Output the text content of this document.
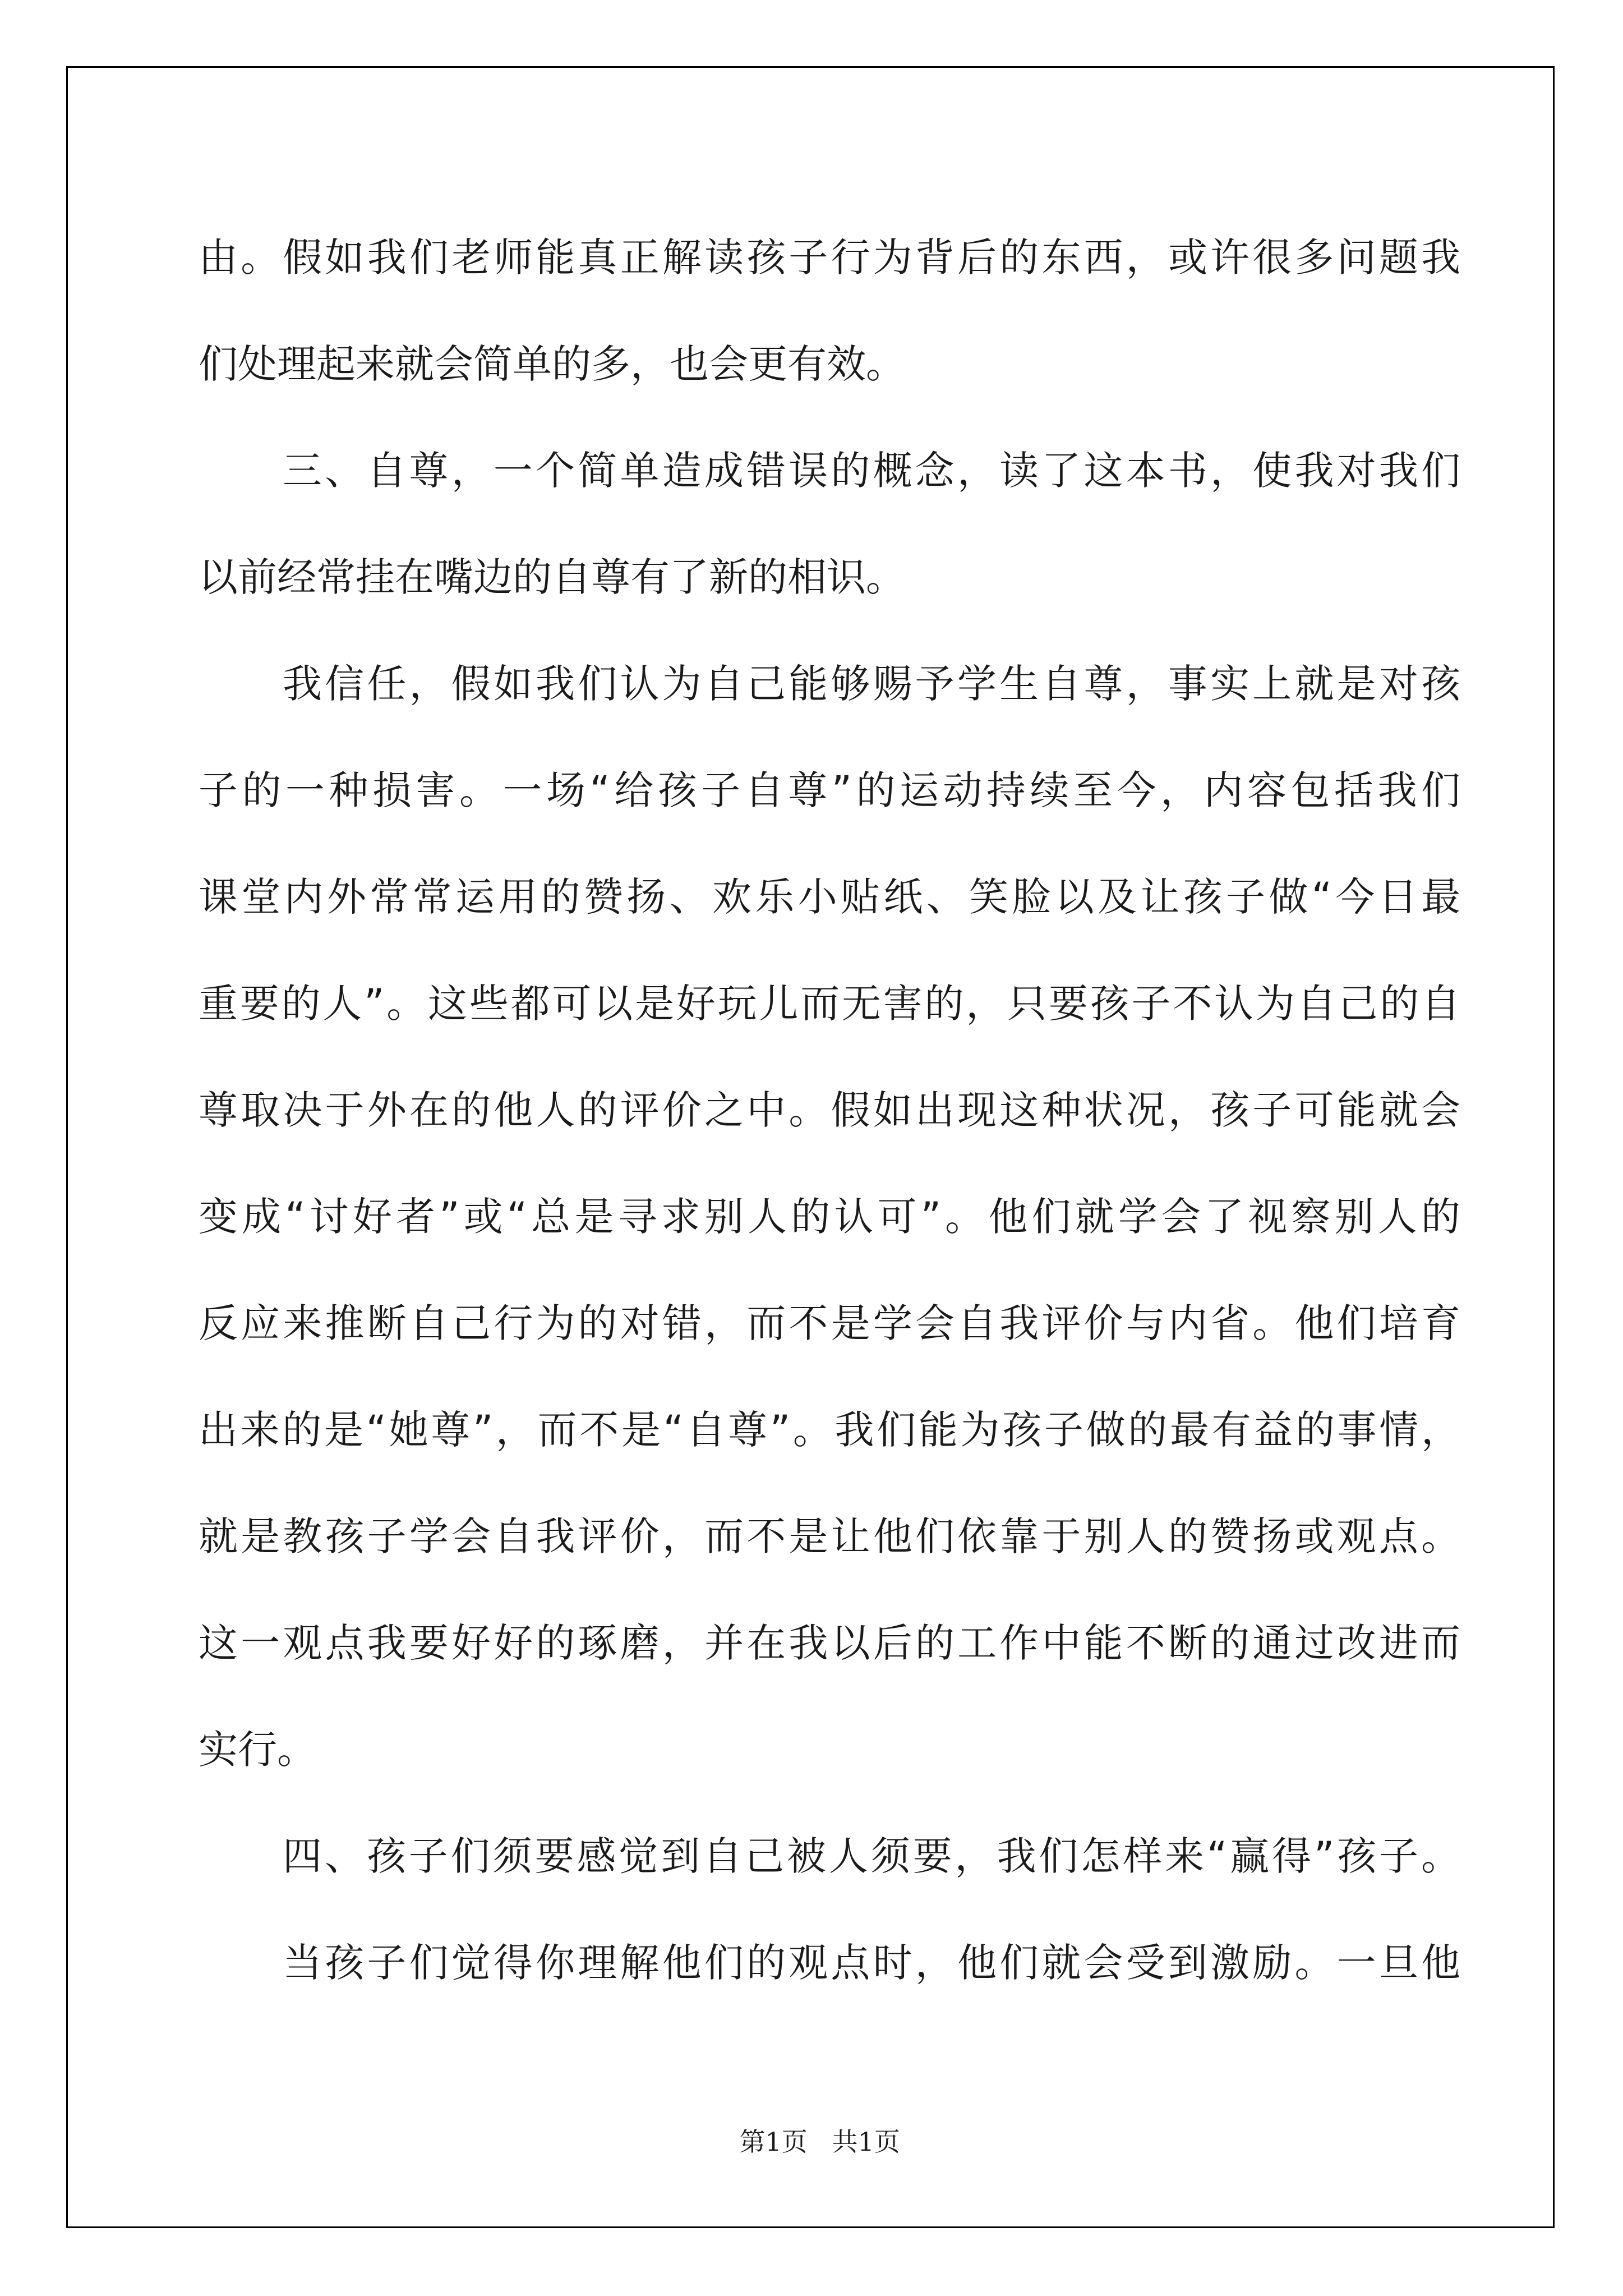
由。假如我们老师能真正解读孩子行为背后的东西，或许很多问题我
们处理起来就会简单的多，也会更有效。
三、自尊，一个简单造成错误的概念，读了这本书，使我对我们
以前经常挂在嘴边的自尊有了新的相识。
我信任，假如我们认为自己能够赐予学生自尊，事实上就是对孩
子的一种损害。一场“给孩子自尊”的运动持续至今，内容包括我们
课堂内外常常运用的赞扬、欢乐小贴纸、笑脸以及让孩子做“今日最
重要的人”。这些都可以是好玩儿而无害的，只要孩子不认为自己的自
尊取决于外在的他人的评价之中。假如出现这种状况，孩子可能就会
变成“讨好者”或“总是寻求别人的认可”。他们就学会了视察别人的
反应来推断自己行为的对错，而不是学会自我评价与内省。他们培育
出来的是“她尊”，而不是“自尊”。我们能为孩子做的最有益的事情，
就是教孩子学会自我评价，而不是让他们依靠于别人的赞扬或观点。
这一观点我要好好的琢磨，并在我以后的工作中能不断的通过改进而
实行。
四、孩子们须要感觉到自己被人须要，我们怎样来“赢得”孩子。
当孩子们觉得你理解他们的观点时，他们就会受到激励。一旦他

第1页   共1页
